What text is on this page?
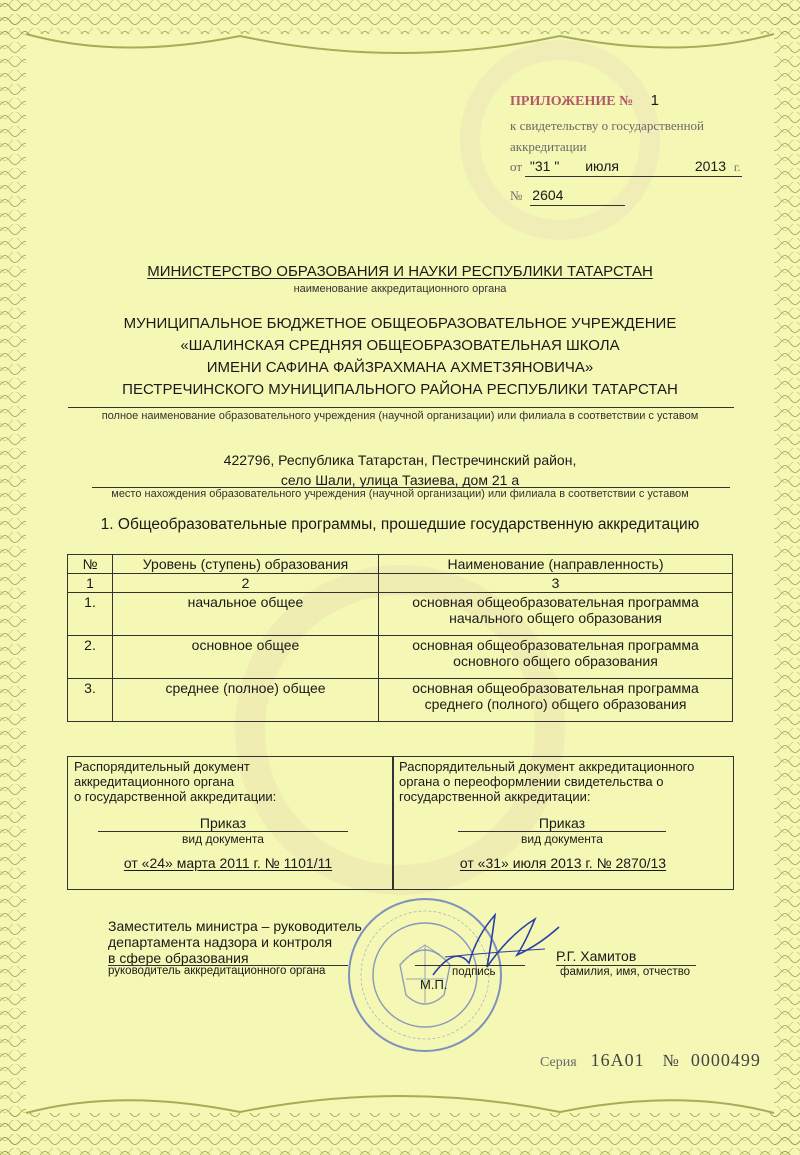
ПРИЛОЖЕНИЕ № 1
к свидетельству о государственной
аккредитации
от "31 " июля	2013 г.
№ 2604
МИНИСТЕРСТВО ОБРАЗОВАНИЯ И НАУКИ РЕСПУБЛИКИ ТАТАРСТАН
наименование аккредитационного органа
МУНИЦИПАЛЬНОЕ БЮДЖЕТНОЕ ОБЩЕОБРАЗОВАТЕЛЬНОЕ УЧРЕЖДЕНИЕ
«ШАЛИНСКАЯ СРЕДНЯЯ ОБЩЕОБРАЗОВАТЕЛЬНАЯ ШКОЛА
ИМЕНИ САФИНА ФАЙЗРАХМАНА АХМЕТЗЯНОВИЧА»
ПЕСТРЕЧИНСКОГО МУНИЦИПАЛЬНОГО РАЙОНА РЕСПУБЛИКИ ТАТАРСТАН
полное наименование образовательного учреждения (научной организации) или филиала в соответствии с уставом
422796, Республика Татарстан, Пестречинский район,
село Шали, улица Тазиева, дом 21 а
место нахождения образовательного учреждения (научной организации) или филиала в соответствии с уставом
1. Общеобразовательные программы, прошедшие государственную аккредитацию
№	Уровень (ступень) образования	Наименование (направленность)
1	2	3
1.	начальное общее	основная общеобразовательная программа
начального общего образования

2.	основное общее	основная общеобразовательная программа
основного общего образования

3.	среднее (полное) общее	основная общеобразовательная программа
среднего (полного) общего образования
Распорядительный документ
аккредитационного органа
о государственной аккредитации:
Приказ
вид документа
от «24» марта 2011 г. № 1101/11
Распорядительный документ аккредитационного
органа о переоформлении свидетельства о
государственной аккредитации:
Приказ
вид документа
от «31» июля 2013 г. № 2870/13
Заместитель министра – руководитель
департамента надзора и контроля
в сфере образования
руководитель аккредитационного органа	подпись
М.П.
Р.Г. Хамитов
фамилия, имя, отчество
Серия 16А01 № 0000499
